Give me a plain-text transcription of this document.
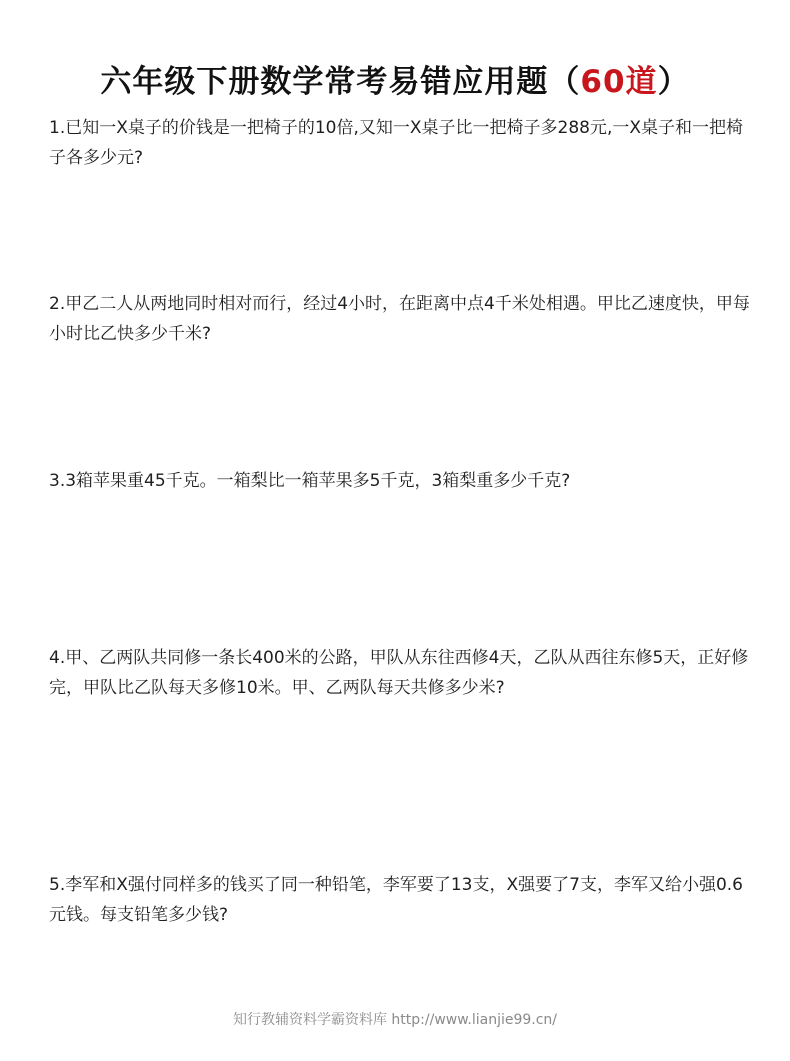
六年级下册数学常考易错应用题（60道）

1.已知一X桌子的价钱是一把椅子的10倍,又知一X桌子比一把椅子多288元,一X桌子和一把椅子各多少元?

2.甲乙二人从两地同时相对而行，经过4小时，在距离中点4千米处相遇。甲比乙速度快，甲每小时比乙快多少千米?

3.3箱苹果重45千克。一箱梨比一箱苹果多5千克，3箱梨重多少千克?

4.甲、乙两队共同修一条长400米的公路，甲队从东往西修4天，乙队从西往东修5天，正好修完，甲队比乙队每天多修10米。甲、乙两队每天共修多少米?

5.李军和X强付同样多的钱买了同一种铅笔，李军要了13支，X强要了7支，李军又给小强0.6元钱。每支铅笔多少钱?

知行教辅资料学霸资料库 http://www.lianjie99.cn/
